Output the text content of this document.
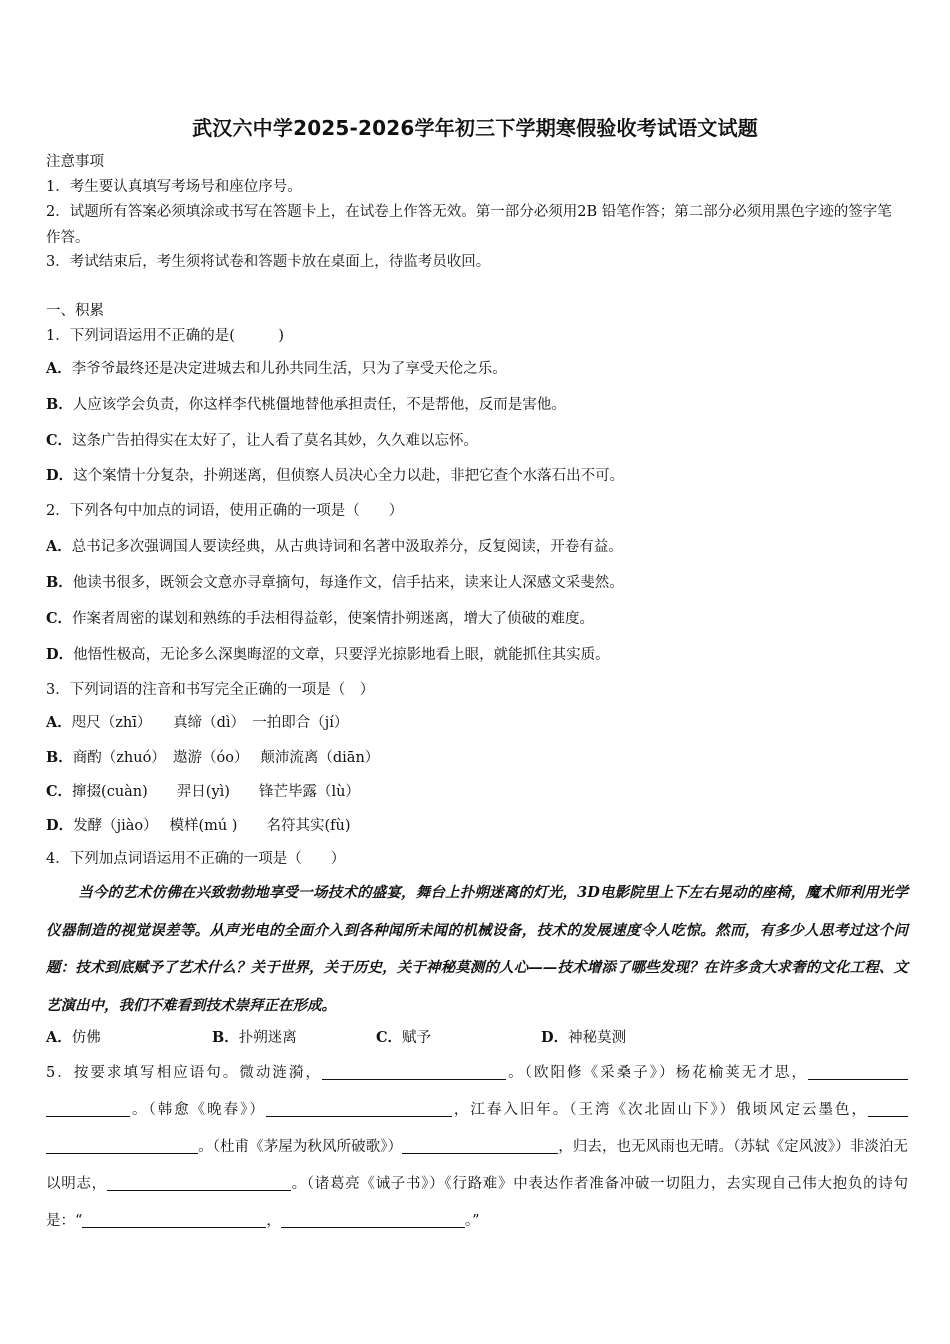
武汉六中学2025-2026学年初三下学期寒假验收考试语文试题
注意事项
1．考生要认真填写考场号和座位序号。
2．试题所有答案必须填涂或书写在答题卡上，在试卷上作答无效。第一部分必须用2B 铅笔作答；第二部分必须用黑色字迹的签字笔作答。
3．考试结束后，考生须将试卷和答题卡放在桌面上，待监考员收回。
一、积累
1．下列词语运用不正确的是(　　　)
A．李爷爷最终还是决定进城去和儿孙共同生活，只为了享受天伦之乐。
B．人应该学会负责，你这样李代桃僵地替他承担责任，不是帮他，反而是害他。
C．这条广告拍得实在太好了，让人看了莫名其妙，久久难以忘怀。
D．这个案情十分复杂，扑朔迷离，但侦察人员决心全力以赴，非把它查个水落石出不可。
2．下列各句中加点的词语，使用正确的一项是（　　）
A．总书记多次强调国人要读经典，从古典诗词和名著中汲取养分，反复阅读，开卷有益。
B．他读书很多，既领会文意亦寻章摘句，每逢作文，信手拈来，读来让人深感文采斐然。
C．作案者周密的谋划和熟练的手法相得益彰，使案情扑朔迷离，增大了侦破的难度。
D．他悟性极高，无论多么深奥晦涩的文章，只要浮光掠影地看上眼，就能抓住其实质。
3．下列词语的注音和书写完全正确的一项是（　）
A．咫尺（zhī）　　真缔（dì）　一拍即合（jí）
B．商酌（zhuó）　遨游（óo）　 颠沛流离（diān）
C．撺掇(cuàn)　　羿日(yì)　　锋芒毕露（lù）
D．发酵（jiào）　 模样(mú )　　名符其实(fù)
4．下列加点词语运用不正确的一项是（　　）
当今的艺术仿佛在兴致勃勃地享受一场技术的盛宴，舞台上扑朔迷离的灯光，3D电影院里上下左右晃动的座椅，魔术师利用光学仪器制造的视觉误差等。从声光电的全面介入到各种闻所未闻的机械设备，技术的发展速度令人吃惊。然而，有多少人思考过这个问题：技术到底赋予了艺术什么？关于世界，关于历史，关于神秘莫测的人心——技术增添了哪些发现？在许多贪大求奢的文化工程、文艺演出中，我们不难看到技术崇拜正在形成。
A．仿佛	B．扑朔迷离	C．赋予	D．神秘莫测
5．按要求填写相应语句。微动涟漪，	。（欧阳修《采桑子》）杨花榆荚无才思，。（韩愈《晚春》）	，江春入旧年。（王湾《次北固山下》）俄顷风定云墨色，。（杜甫《茅屋为秋风所破歌》）	，归去，也无风雨也无晴。（苏轼《定风波》）非淡泊无以明志，	。（诸葛亮《诫子书》）《行路难》中表达作者准备冲破一切阻力，去实现自己伟大抱负的诗句是：“	，	。”
